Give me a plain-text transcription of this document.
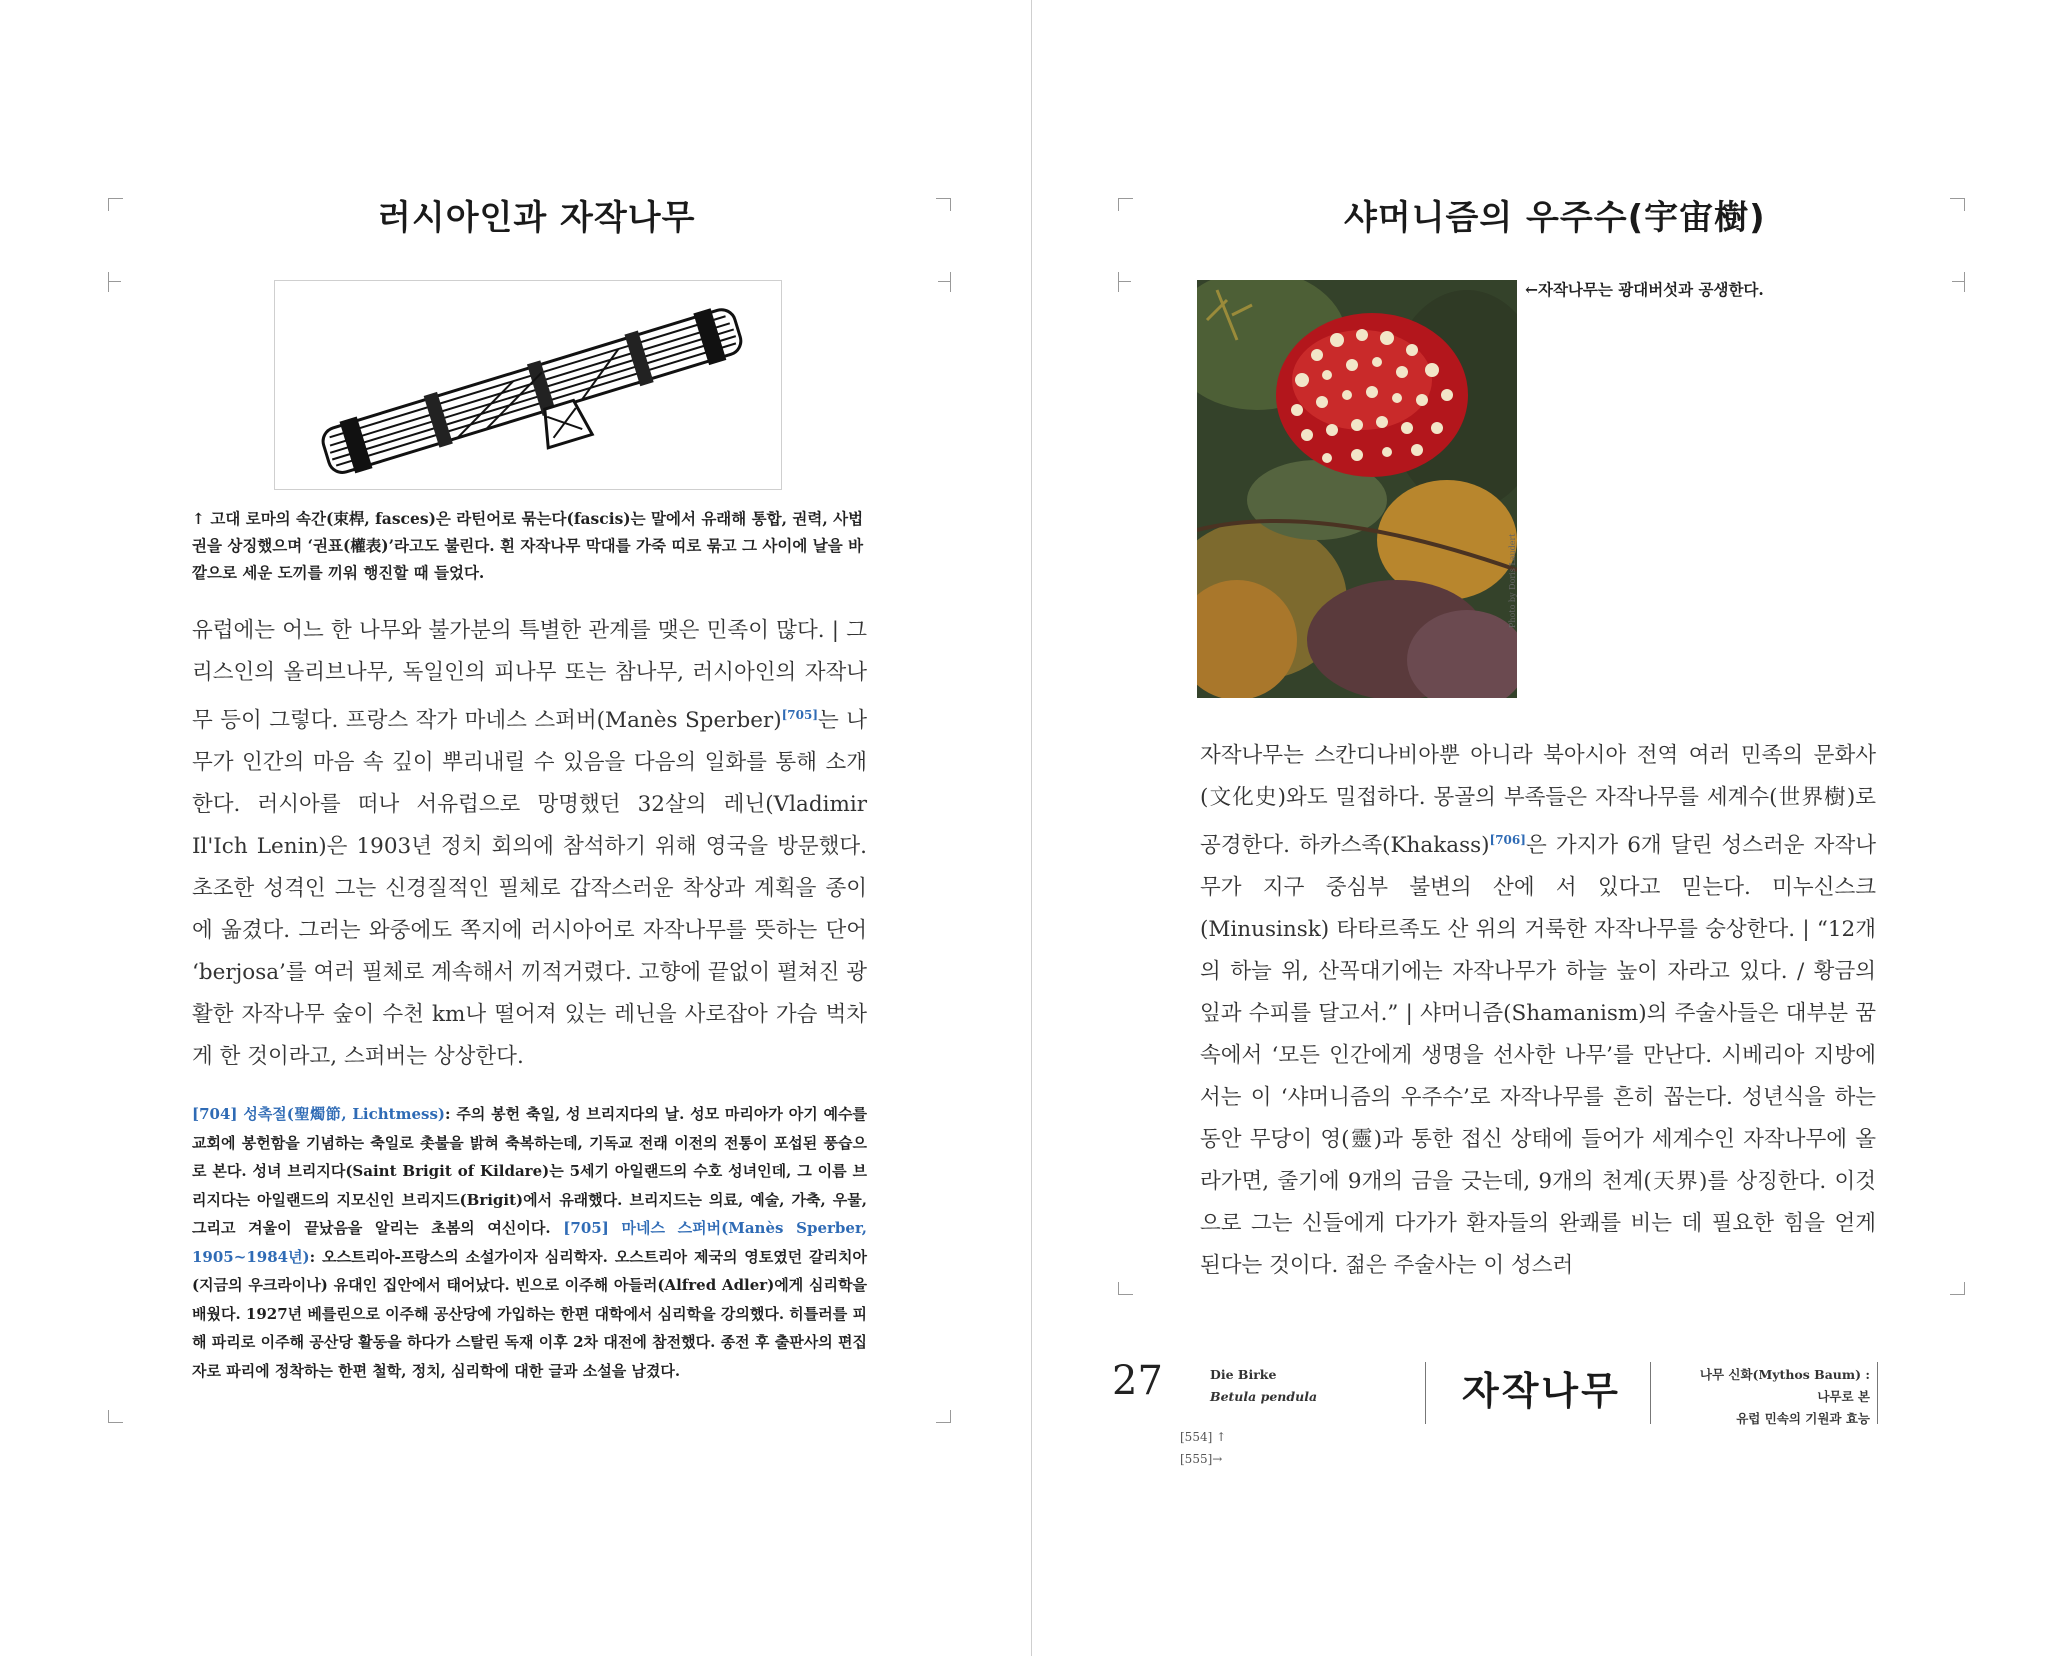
러시아인과 자작나무
↑ 고대 로마의 속간(束桿, fasces)은 라틴어로 묶는다(fascis)는 말에서 유래해 통합, 권력, 사법권을 상징했으며 ‘권표(權表)’라고도 불린다. 흰 자작나무 막대를 가죽 띠로 묶고 그 사이에 날을 바깥으로 세운 도끼를 끼워 행진할 때 들었다.

유럽에는 어느 한 나무와 불가분의 특별한 관계를 맺은 민족이 많다. | 그리스인의 올리브나무, 독일인의 피나무 또는 참나무, 러시아인의 자작나무 등이 그렇다. 프랑스 작가 마네스 스퍼버(Manès Sperber)[705]는 나무가 인간의 마음 속 깊이 뿌리내릴 수 있음을 다음의 일화를 통해 소개한다. 러시아를 떠나 서유럽으로 망명했던 32살의 레닌(Vladimir Il'Ich Lenin)은 1903년 정치 회의에 참석하기 위해 영국을 방문했다. 초조한 성격인 그는 신경질적인 필체로 갑작스러운 착상과 계획을 종이에 옮겼다. 그러는 와중에도 쪽지에 러시아어로 자작나무를 뜻하는 단어 ‘berjosa’를 여러 필체로 계속해서 끼적거렸다. 고향에 끝없이 펼쳐진 광활한 자작나무 숲이 수천 km나 떨어져 있는 레닌을 사로잡아 가슴 벅차게 한 것이라고, 스퍼버는 상상한다.

[704] 성촉절(聖燭節, Lichtmess): 주의 봉헌 축일, 성 브리지다의 날. 성모 마리아가 아기 예수를 교회에 봉헌함을 기념하는 축일로 촛불을 밝혀 축복하는데, 기독교 전래 이전의 전통이 포섭된 풍습으로 본다. 성녀 브리지다(Saint Brigit of Kildare)는 5세기 아일랜드의 수호 성녀인데, 그 이름 브리지다는 아일랜드의 지모신인 브리지드(Brigit)에서 유래했다. 브리지드는 의료, 예술, 가축, 우물, 그리고 겨울이 끝났음을 알리는 초봄의 여신이다. [705] 마네스 스퍼버(Manès Sperber, 1905~1984년): 오스트리아-프랑스의 소설가이자 심리학자. 오스트리아 제국의 영토였던 갈리치아(지금의 우크라이나) 유대인 집안에서 태어났다. 빈으로 이주해 아들러(Alfred Adler)에게 심리학을 배웠다. 1927년 베를린으로 이주해 공산당에 가입하는 한편 대학에서 심리학을 강의했다. 히틀러를 피해 파리로 이주해 공산당 활동을 하다가 스탈린 독재 이후 2차 대전에 참전했다. 종전 후 출판사의 편집자로 파리에 정착하는 한편 철학, 정치, 심리학에 대한 글과 소설을 남겼다.
샤머니즘의 우주수(宇宙樹)
Photo by Doris Laudert
←자작나무는 광대버섯과 공생한다.

자작나무는 스칸디나비아뿐 아니라 북아시아 전역 여러 민족의 문화사(文化史)와도 밀접하다. 몽골의 부족들은 자작나무를 세계수(世界樹)로 공경한다. 하카스족(Khakass)[706]은 가지가 6개 달린 성스러운 자작나무가 지구 중심부 불변의 산에 서 있다고 믿는다. 미누신스크(Minusinsk) 타타르족도 산 위의 거룩한 자작나무를 숭상한다. | “12개의 하늘 위, 산꼭대기에는 자작나무가 하늘 높이 자라고 있다. / 황금의 잎과 수피를 달고서.” | 샤머니즘(Shamanism)의 주술사들은 대부분 꿈 속에서 ‘모든 인간에게 생명을 선사한 나무’를 만난다. 시베리아 지방에서는 이 ‘샤머니즘의 우주수’로 자작나무를 흔히 꼽는다. 성년식을 하는 동안 무당이 영(靈)과 통한 접신 상태에 들어가 세계수인 자작나무에 올라가면, 줄기에 9개의 금을 긋는데, 9개의 천계(天界)를 상징한다. 이것으로 그는 신들에게 다가가 환자들의 완쾌를 비는 데 필요한 힘을 얻게 된다는 것이다. 젊은 주술사는 이 성스러

27	Die Birke
Betula pendula	자작나무	나무 신화(Mythos Baum) :
나무로 본
유럽 민속의 기원과 효능
[554] ↑
[555]→
